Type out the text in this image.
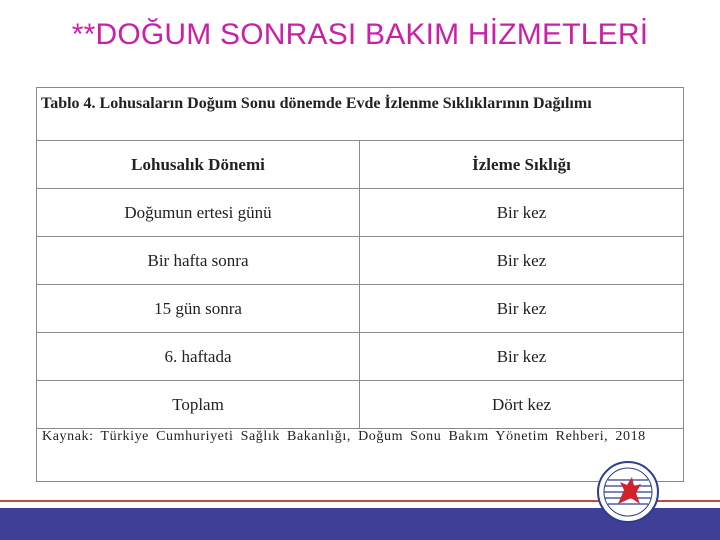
**DOĞUM SONRASI BAKIM HİZMETLERİ
Tablo 4. Lohusaların Doğum Sonu dönemde Evde İzlenme Sıklıklarının Dağılımı
Lohusalık Dönemi	İzleme Sıklığı
Doğumun ertesi günü	Bir kez
Bir hafta sonra	Bir kez
15 gün sonra	Bir kez
6. haftada	Bir kez
Toplam	Dört kez
Kaynak: Türkiye Cumhuriyeti Sağlık Bakanlığı, Doğum Sonu Bakım Yönetim Rehberi, 2018
